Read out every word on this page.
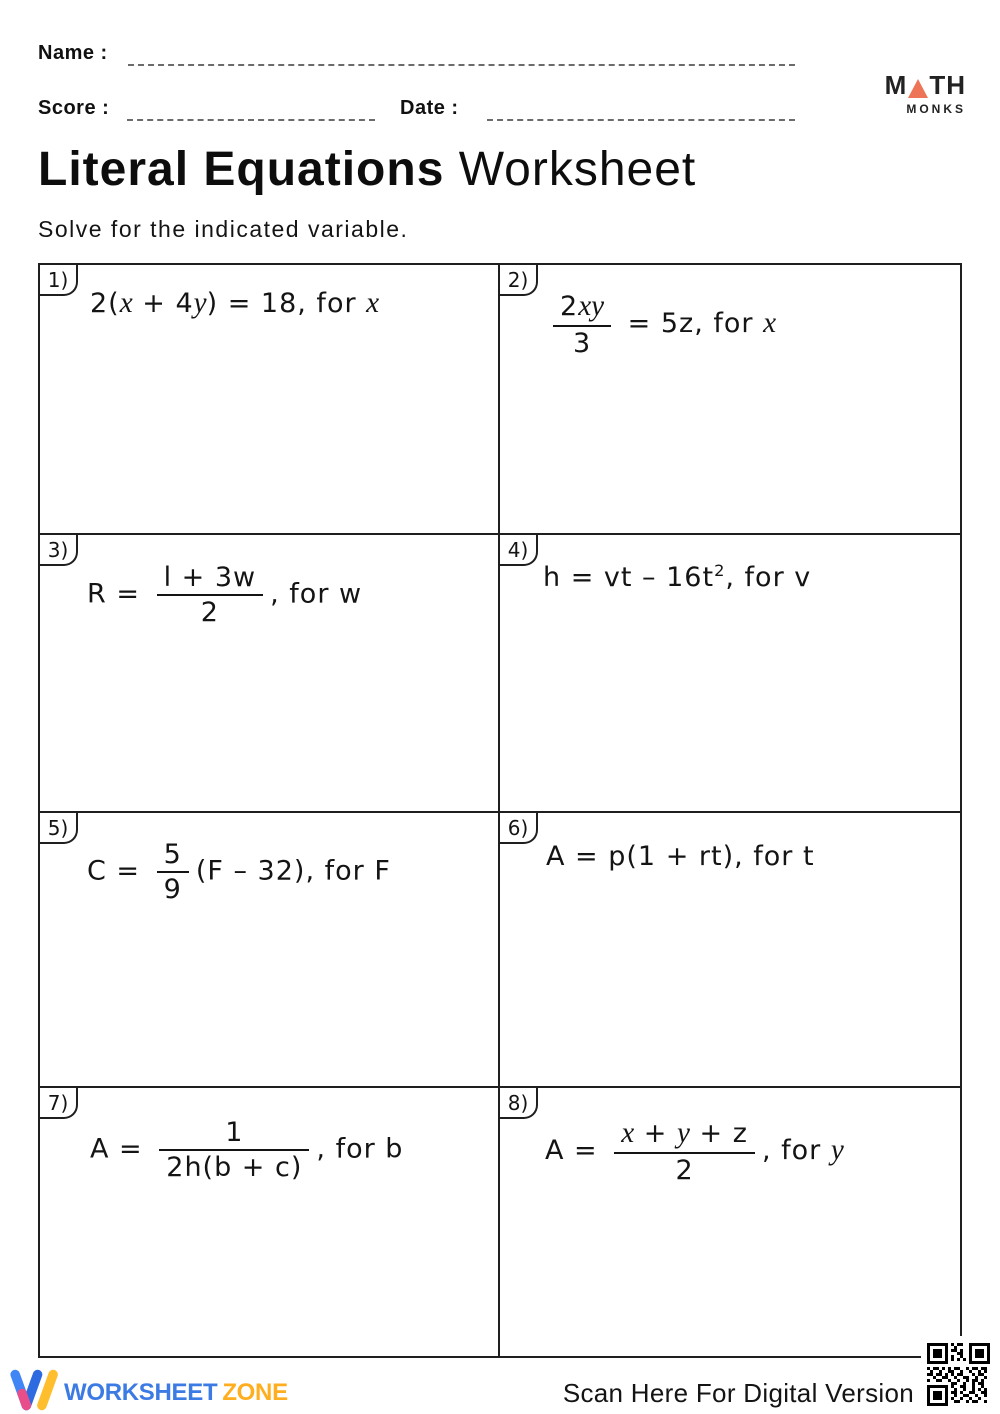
Name :
Score :	Date :
M TH
MONKS
Literal Equations Worksheet
Solve for the indicated variable.
1)
2(x + 4y) = 18, for x
2)
$\frac{2xy}{3} = 5z$, for x
3)
$R = \frac{l + 3w}{2}$ , for w
4)
h = vt – $16t^2$, for v
5)
$C = \frac{5}{9} (F - 32)$, for F
6)
A = p(1 + rt), for t
7)
$A = \frac{1}{2h(b + c)}$ , for b
8)
$A = \frac{x + y + z}{2}$ , for y
WORKSHEET ZONE	Scan Here For Digital Version
